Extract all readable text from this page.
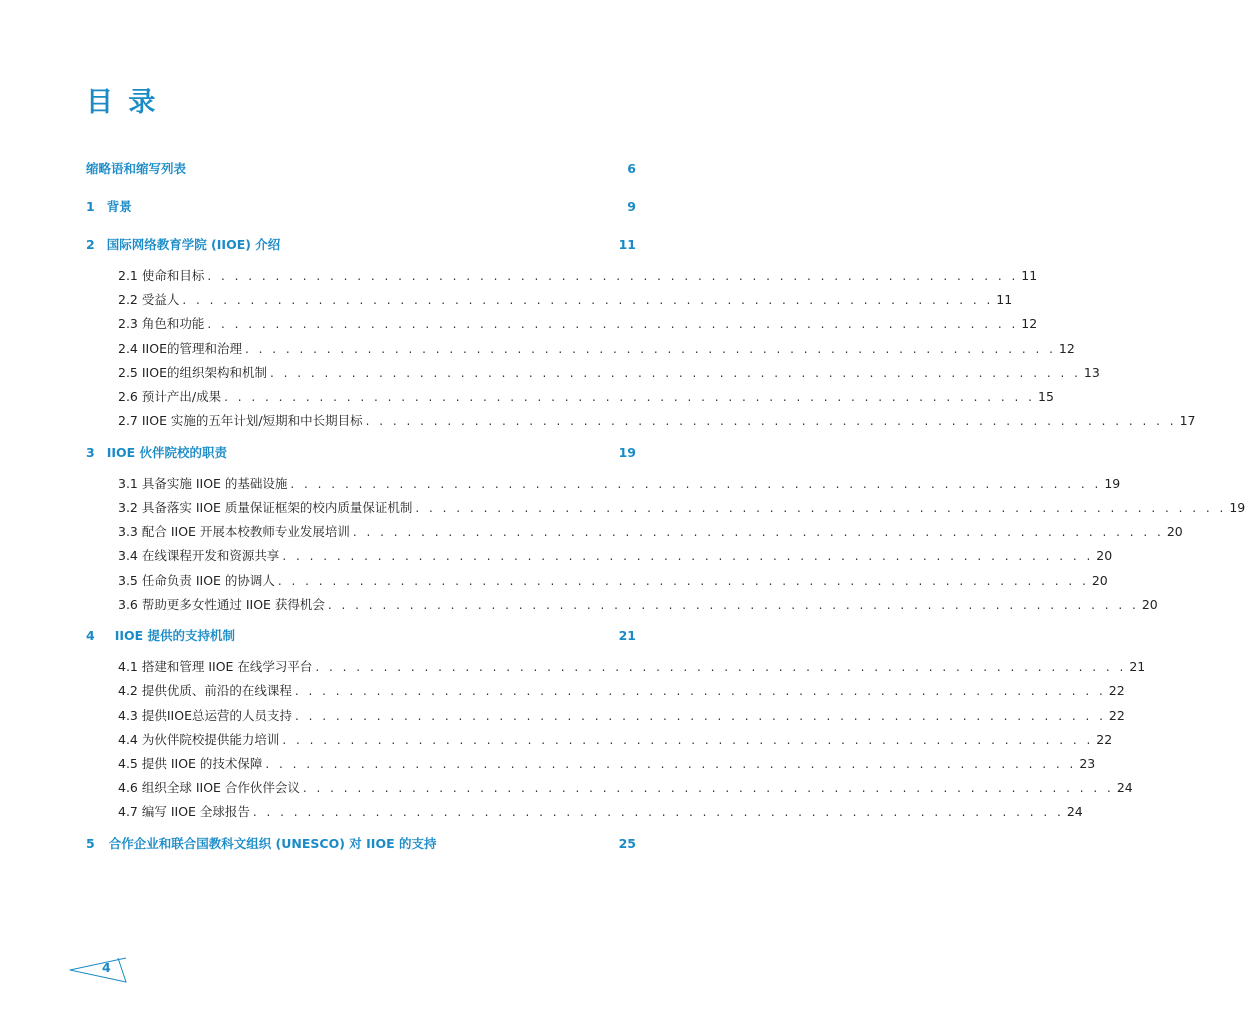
目 录
缩略语和缩写列表	6
1 背景	9
2 国际网络教育学院 (IIOE) 介绍	11
2.1 使命和目标 . . . . . . . . . . . . . . . . . . . . . . . . . . . . . . . . . . . . . . . . . . . . . . . . . . . . . . . . . . . . 11
2.2 受益人 . . . . . . . . . . . . . . . . . . . . . . . . . . . . . . . . . . . . . . . . . . . . . . . . . . . . . . . . . . . . 11
2.3 角色和功能 . . . . . . . . . . . . . . . . . . . . . . . . . . . . . . . . . . . . . . . . . . . . . . . . . . . . . . . . . . . . 12
2.4 IIOE的管理和治理 . . . . . . . . . . . . . . . . . . . . . . . . . . . . . . . . . . . . . . . . . . . . . . . . . . . . . . . . . . . . 12
2.5 IIOE的组织架构和机制 . . . . . . . . . . . . . . . . . . . . . . . . . . . . . . . . . . . . . . . . . . . . . . . . . . . . . . . . . . . . 13
2.6 预计产出/成果 . . . . . . . . . . . . . . . . . . . . . . . . . . . . . . . . . . . . . . . . . . . . . . . . . . . . . . . . . . . . 15
2.7 IIOE 实施的五年计划/短期和中长期目标 . . . . . . . . . . . . . . . . . . . . . . . . . . . . . . . . . . . . . . . . . . . . . . . . . . . . . . . . . . . . 17
3 IIOE 伙伴院校的职责	19
3.1 具备实施 IIOE 的基础设施 . . . . . . . . . . . . . . . . . . . . . . . . . . . . . . . . . . . . . . . . . . . . . . . . . . . . . . . . . . . . 19
3.2 具备落实 IIOE 质量保证框架的校内质量保证机制 . . . . . . . . . . . . . . . . . . . . . . . . . . . . . . . . . . . . . . . . . . . . . . . . . . . . . . . . . . . . 19
3.3 配合 IIOE 开展本校教师专业发展培训 . . . . . . . . . . . . . . . . . . . . . . . . . . . . . . . . . . . . . . . . . . . . . . . . . . . . . . . . . . . . 20
3.4 在线课程开发和资源共享 . . . . . . . . . . . . . . . . . . . . . . . . . . . . . . . . . . . . . . . . . . . . . . . . . . . . . . . . . . . . 20
3.5 任命负责 IIOE 的协调人 . . . . . . . . . . . . . . . . . . . . . . . . . . . . . . . . . . . . . . . . . . . . . . . . . . . . . . . . . . . . 20
3.6 帮助更多女性通过 IIOE 获得机会 . . . . . . . . . . . . . . . . . . . . . . . . . . . . . . . . . . . . . . . . . . . . . . . . . . . . . . . . . . . . 20
4 IIOE 提供的支持机制	21
4.1 搭建和管理 IIOE 在线学习平台 . . . . . . . . . . . . . . . . . . . . . . . . . . . . . . . . . . . . . . . . . . . . . . . . . . . . . . . . . . . . 21
4.2 提供优质、前沿的在线课程 . . . . . . . . . . . . . . . . . . . . . . . . . . . . . . . . . . . . . . . . . . . . . . . . . . . . . . . . . . . . 22
4.3 提供IIOE总运营的人员支持 . . . . . . . . . . . . . . . . . . . . . . . . . . . . . . . . . . . . . . . . . . . . . . . . . . . . . . . . . . . . 22
4.4 为伙伴院校提供能力培训 . . . . . . . . . . . . . . . . . . . . . . . . . . . . . . . . . . . . . . . . . . . . . . . . . . . . . . . . . . . . 22
4.5 提供 IIOE 的技术保障 . . . . . . . . . . . . . . . . . . . . . . . . . . . . . . . . . . . . . . . . . . . . . . . . . . . . . . . . . . . . 23
4.6 组织全球 IIOE 合作伙伴会议 . . . . . . . . . . . . . . . . . . . . . . . . . . . . . . . . . . . . . . . . . . . . . . . . . . . . . . . . . . . . 24
4.7 编写 IIOE 全球报告 . . . . . . . . . . . . . . . . . . . . . . . . . . . . . . . . . . . . . . . . . . . . . . . . . . . . . . . . . . . . 24
5 合作企业和联合国教科文组织 (UNESCO) 对 IIOE 的支持	25
4
